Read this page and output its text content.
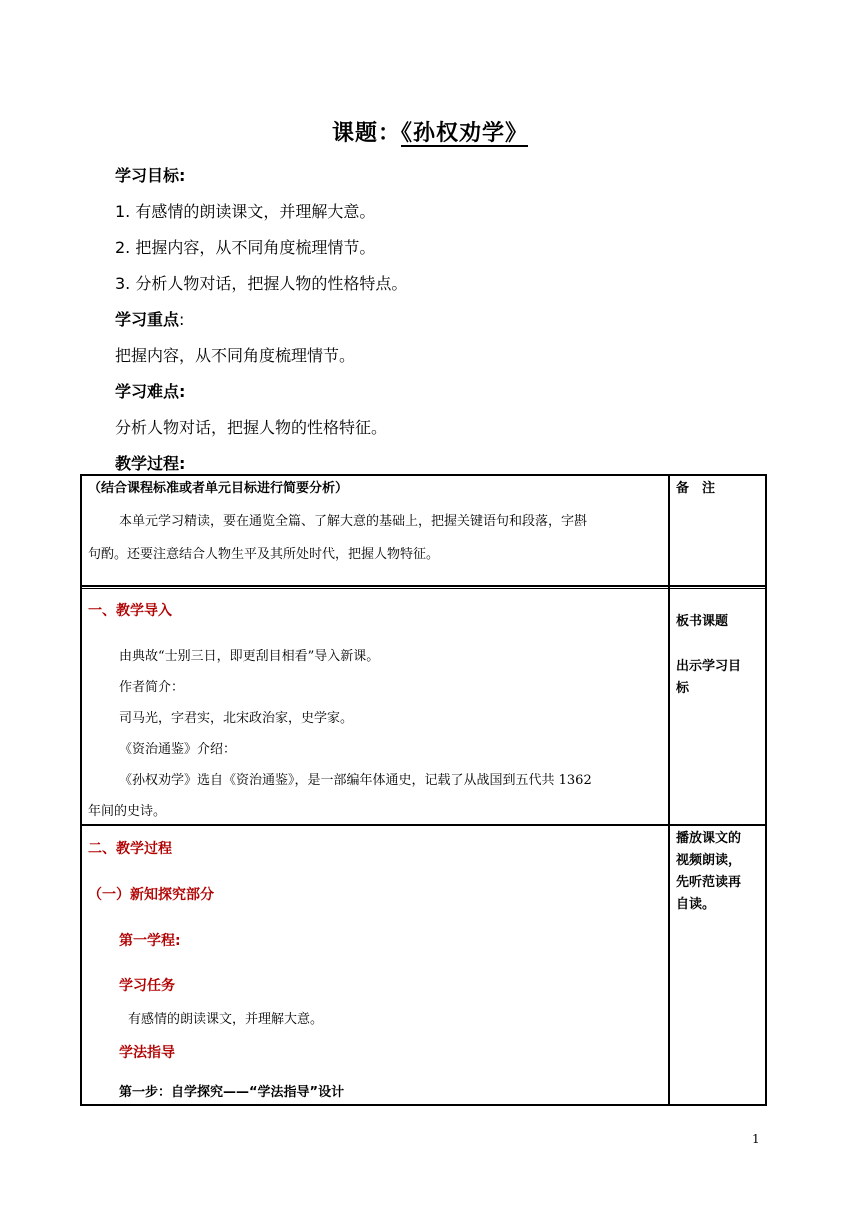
课题：《孙权劝学》
学习目标:
1. 有感情的朗读课文，并理解大意。
2. 把握内容，从不同角度梳理情节。
3. 分析人物对话，把握人物的性格特点。
学习重点:
把握内容，从不同角度梳理情节。
学习难点:
分析人物对话，把握人物的性格特征。
教学过程:
（结合课程标准或者单元目标进行简要分析）
本单元学习精读，要在通览全篇、了解大意的基础上，把握关键语句和段落，字斟
句酌。还要注意结合人物生平及其所处时代，把握人物特征。
备　注
一、教学导入
由典故“士别三日，即更刮目相看”导入新课。
作者简介：
司马光，字君实，北宋政治家，史学家。
《资治通鉴》介绍：
《孙权劝学》选自《资治通鉴》，是一部编年体通史，记载了从战国到五代共 1362
年间的史诗。
板书课题
出示学习目
标
二、教学过程
（一）新知探究部分
第一学程:
学习任务
有感情的朗读课文，并理解大意。
学法指导
第一步：自学探究——“学法指导”设计
播放课文的
视频朗读，
先听范读再
自读。
1
